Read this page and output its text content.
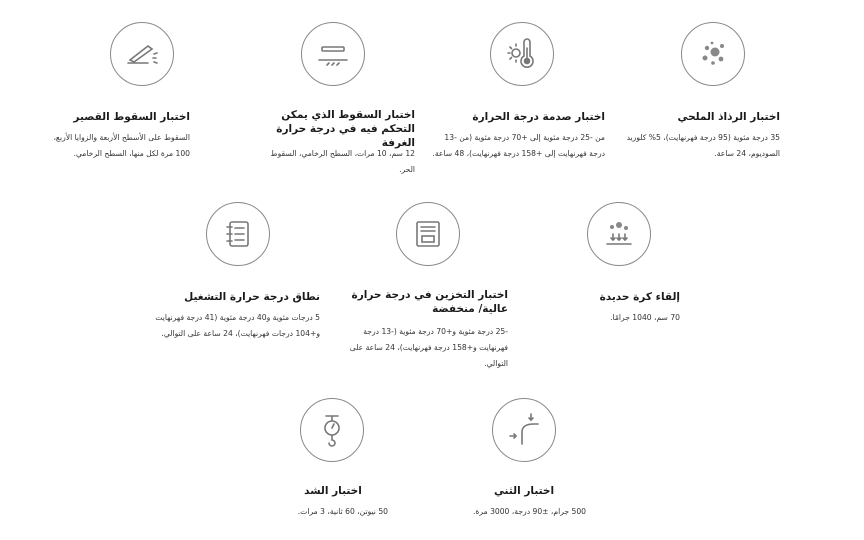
اختبار الرذاذ الملحي
35 درجة مئوية (95 درجة فهرنهايت)، 5% كلوريد الصوديوم، 24 ساعة.
اختبار صدمة درجة الحرارة
من -25 درجة مئوية إلى +70 درجة مئوية (من -13 درجة فهرنهايت إلى +158 درجة فهرنهايت)، 48 ساعة.
اختبار السقوط الذي يمكن التحكم فيه في درجة حرارة الغرفة
12 سم، 10 مرات، السطح الرخامي، السقوط الحر.
اختبار السقوط القصير
السقوط على الأسطح الأربعة والزوايا الأربع، 100 مرة لكل منها، السطح الرخامي.
إلقاء كرة حديدة
70 سم، 1040 جرامًا.
اختبار التخزين في درجة حرارة عالية/ منخفضة
-25 درجة مئوية و+70 درجة مئوية (-13 درجة فهرنهايت و+158 درجة فهرنهايت)، 24 ساعة على التوالي.
نطاق درجة حرارة التشغيل
5 درجات مئوية و40 درجة مئوية (41 درجة فهرنهايت و+104 درجات فهرنهايت)، 24 ساعة على التوالي.
اختبار الثني
500 جرام، ±90 درجة، 3000 مرة.
اختبار الشد
50 نيوتن، 60 ثانية، 3 مرات.
